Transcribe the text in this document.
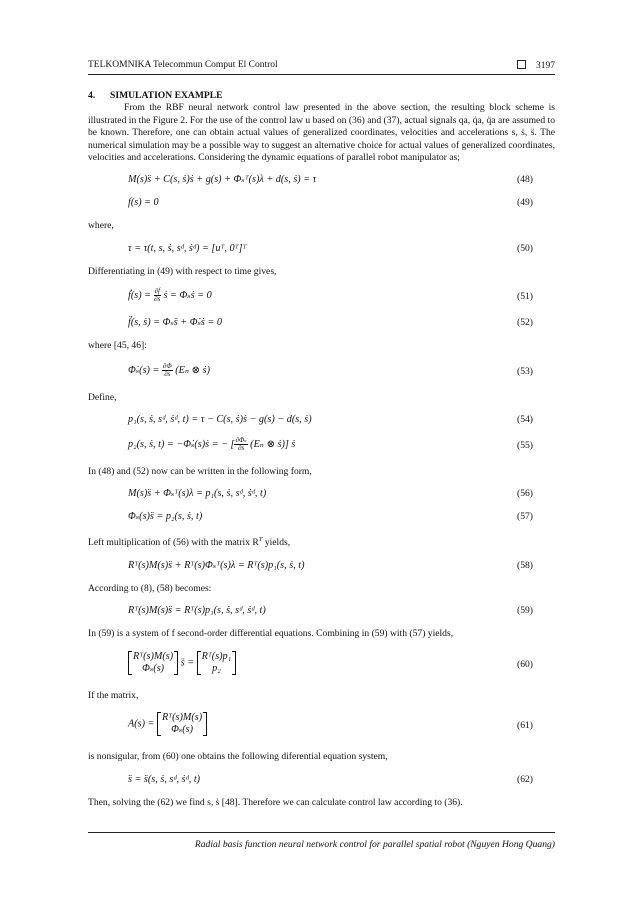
TELKOMNIKA Telecommun Comput El Control	3197
4. SIMULATION EXAMPLE

From the RBF neural network control law presented in the above section, the resulting block scheme is illustrated in the Figure 2. For the use of the control law u based on (36) and (37), actual signals qa, q̇a, q̈a are assumed to be known. Therefore, one can obtain actual values of generalized coordinates, velocities and accelerations s, ṡ, s̈. The numerical simulation may be a possible way to suggest an alternative choice for actual values of generalized coordinates, velocities and accelerations. Considering the dynamic equations of parallel robot manipulator as;

M(s)s̈ + C(s, ṡ)ṡ + g(s) + Φₛᵀ(s)λ + d(s, ṡ) = τ	(48)
f(s) = 0	(49)

where,

τ = τ(t, s, ṡ, sᵈ, ṡᵈ) = [uᵀ, 0ᵀ]ᵀ	(50)

Differentiating in (49) with respect to time gives,

ḟ(s) = $\frac{\partial f}{\partial s}$ ṡ = Φₛṡ = 0	(51)
f̈(s, ṡ) = Φₛs̈ + Φ̇ₛṡ = 0	(52)

where [45, 46]:

Φ̇ₛ(s) = $\frac{\partial\Phi}{\partial s} (E_n$ ⊗ ṡ)	(53)

Define,

p₁(s, ṡ, sᵈ, ṡᵈ, t) = τ − C(s, ṡ)ṡ − g(s) − d(s, ṡ)	(54)
p₂(s, ṡ, t) = −Φ̇ₛ(s)ṡ = − [ $\frac{\text{∂Φₛ}}{\partial s} (E_n$ ⊗ ṡ)] ṡ	(55)

In (48) and (52) now can be written in the following form,

M(s)s̈ + Φₛᵀ(s)λ = p₁(s, ṡ, sᵈ, ṡᵈ, t)	(56)
Φₛ(s)s̈ = p₂(s, ṡ, t)	(57)

Left multiplication of (56) with the matrix $R^T$ yields,

Rᵀ(s)M(s)s̈ + Rᵀ(s)Φₛᵀ(s)λ = Rᵀ(s)p₁(s, ṡ, t)	(58)

According to (8), (58) becomes:

Rᵀ(s)M(s)s̈ = Rᵀ(s)p₁(s, ṡ, sᵈ, ṡᵈ, t)	(59)

In (59) is a system of f second-order differential equations. Combining in (59) with (57) yields,

Rᵀ(s)M(s)
Φₛ(s)
s̈ =
Rᵀ(s)p₁
p₂	(60)

If the matrix,

A(s) =
Rᵀ(s)M(s)
Φₛ(s)	(61)

is nonsigular, from (60) one obtains the following diferential equation system,

s̈ = s̈(s, ṡ, sᵈ, ṡᵈ, t)	(62)

Then, solving the (62) we find s, ṡ [48]. Therefore we can calculate control law according to (36).

Radial basis function neural network control for parallel spatial robot (Nguyen Hong Quang)
